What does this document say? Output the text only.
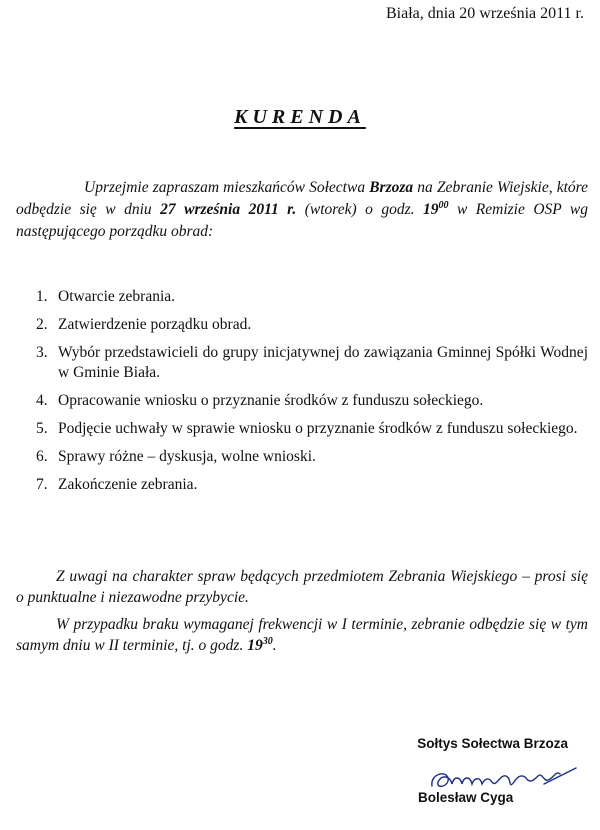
Biała, dnia 20 września 2011 r.

KURENDA

Uprzejmie zapraszam mieszkańców Sołectwa Brzoza na Zebranie Wiejskie, które odbędzie się w dniu 27 września 2011 r. (wtorek) o godz. $19^{00}$ w Remizie OSP wg następującego porządku obrad:

1. Otwarcie zebrania.
2. Zatwierdzenie porządku obrad.
3. Wybór przedstawicieli do grupy inicjatywnej do zawiązania Gminnej Spółki Wodnej w Gminie Biała.
4. Opracowanie wniosku o przyznanie środków z funduszu sołeckiego.
5. Podjęcie uchwały w sprawie wniosku o przyznanie środków z funduszu sołeckiego.
6. Sprawy różne – dyskusja, wolne wnioski.
7. Zakończenie zebrania.

Z uwagi na charakter spraw będących przedmiotem Zebrania Wiejskiego – prosi się o punktualne i niezawodne przybycie.

W przypadku braku wymaganej frekwencji w I terminie, zebranie odbędzie się w tym samym dniu w II terminie, tj. o godz. $19^{30}$.

Sołtys Sołectwa Brzoza

Bolesław Cyga
